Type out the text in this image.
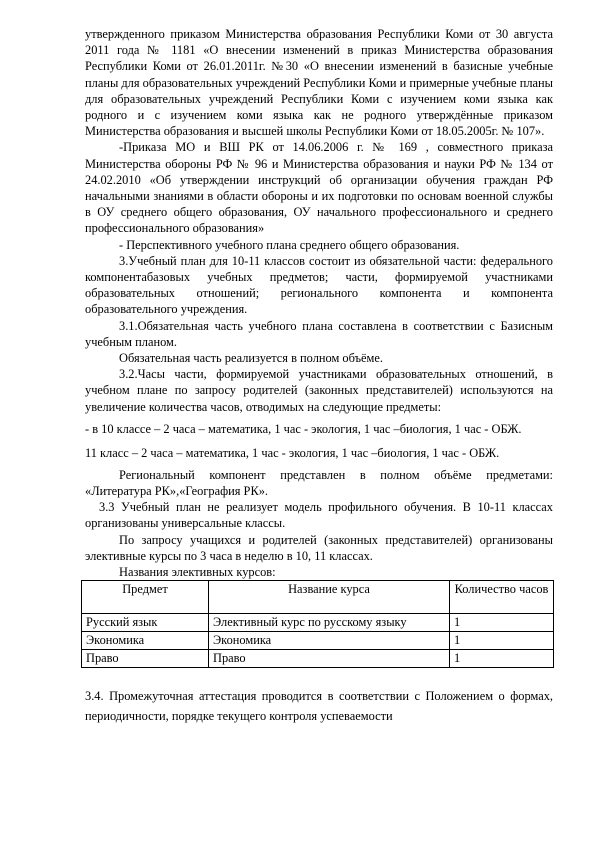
утвержденного приказом Министерства образования Республики Коми от 30 августа 2011 года № 1181 «О внесении изменений в приказ Министерства образования Республики Коми от 26.01.2011г. №30 «О внесении изменений в базисные учебные планы для образовательных учреждений Республики Коми и примерные учебные планы для образовательных учреждений Республики Коми с изучением коми языка как родного и с изучением коми языка как не родного утверждённые приказом Министерства образования и высшей школы Республики Коми от 18.05.2005г. № 107».

-Приказа МО и ВШ РК от 14.06.2006 г. № 169 , совместного приказа Министерства обороны РФ № 96 и Министерства образования и науки РФ № 134 от 24.02.2010 «Об утверждении инструкций об организации обучения граждан РФ начальными знаниями в области обороны и их подготовки по основам военной службы в ОУ среднего общего образования, ОУ начального профессионального и среднего профессионального образования»

- Перспективного учебного плана среднего общего образования.

3.Учебный план для 10-11 классов состоит из обязательной части: федерального компонентабазовых учебных предметов; части, формируемой участниками образовательных отношений; регионального компонента и компонента образовательного учреждения.

3.1.Обязательная часть учебного плана составлена в соответствии с Базисным учебным планом.

Обязательная часть реализуется в полном объёме.

3.2.Часы части, формируемой участниками образовательных отношений, в учебном плане по запросу родителей (законных представителей) используются на увеличение количества часов, отводимых на следующие предметы:

- в 10 классе – 2 часа – математика, 1 час - экология, 1 час –биология, 1 час - ОБЖ.

11 класс – 2 часа – математика, 1 час - экология, 1 час –биология, 1 час - ОБЖ.

Региональный компонент представлен в полном объёме предметами: «Литература РК»,«География РК».

3.3 Учебный план не реализует модель профильного обучения. В 10-11 классах организованы универсальные классы.

По запросу учащихся и родителей (законных представителей) организованы элективные курсы по 3 часа в неделю в 10, 11 классах.

Названия элективных курсов:

Предмет	Название курса	Количество часов
Русский язык	Элективный курс по русскому языку	1
Экономика	Экономика	1
Право	Право	1

3.4. Промежуточная аттестация проводится в соответствии с Положением о формах, периодичности, порядке текущего контроля успеваемости
